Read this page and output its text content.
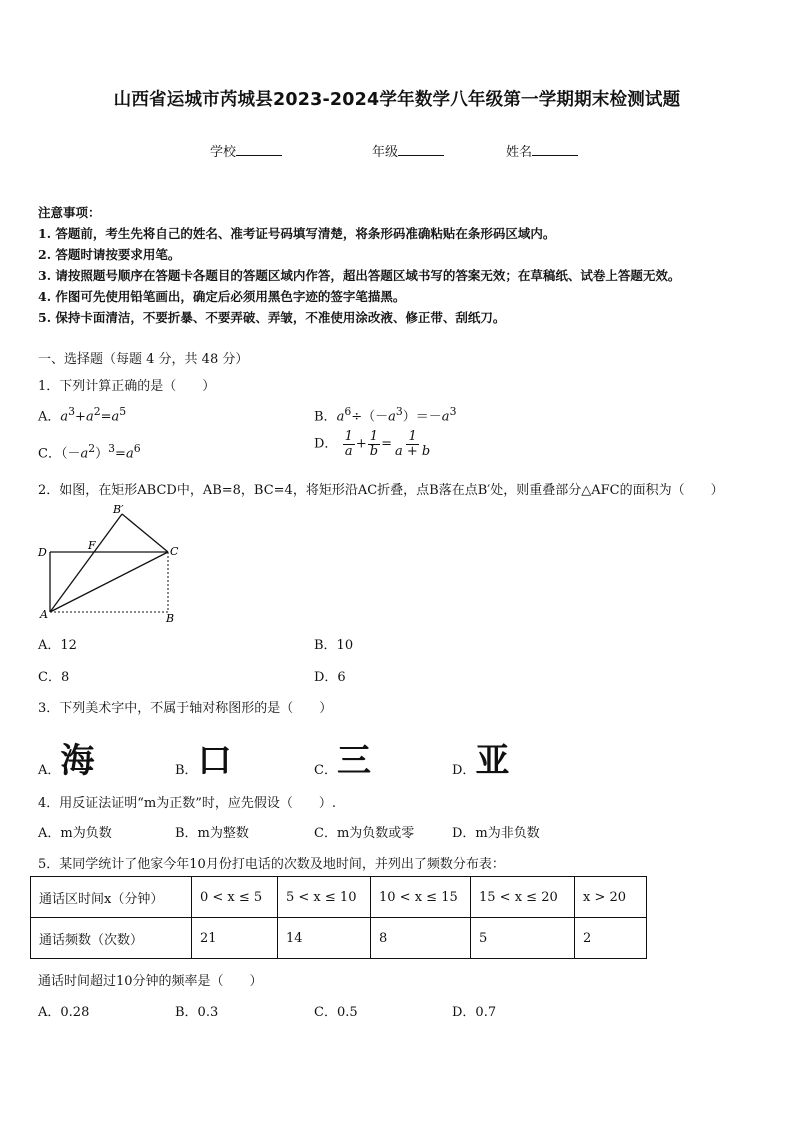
山西省运城市芮城县2023-2024学年数学八年级第一学期期末检测试题
学校	年级	姓名
注意事项：
1. 答题前，考生先将自己的姓名、准考证号码填写清楚，将条形码准确粘贴在条形码区域内。
2. 答题时请按要求用笔。
3. 请按照题号顺序在答题卡各题目的答题区域内作答，超出答题区域书写的答案无效；在草稿纸、试卷上答题无效。
4. 作图可先使用铅笔画出，确定后必须用黑色字迹的签字笔描黑。
5. 保持卡面清洁，不要折暴、不要弄破、弄皱，不准使用涂改液、修正带、刮纸刀。
一、选择题（每题 4 分，共 48 分）
1．下列计算正确的是（　　）
A．$a^3+a^2=a^5$	B．$a^6\div(-a^3)=-a^3$
C．$(-a^2)^3=a^6$	D． $\frac{1}{a} + \frac{1}{b} = \frac{1}{a + b}$
2．如图，在矩形ABCD中，AB=8，BC=4，将矩形沿AC折叠，点B落在点B′处，则重叠部分△AFC的面积为（　　）
D
F	C
B′
A	B
A．12	B．10
C．8	D．6
3．下列美术字中，不属于轴对称图形的是（　　）
A．海	B．口	C．三	D．亚
4．用反证法证明“m为正数”时，应先假设（　　）.
A．m为负数	B．m为整数	C．m为负数或零	D．m为非负数
5．某同学统计了他家今年10月份打电话的次数及地时间，并列出了频数分布表：
通话区时间x（分钟）	0 < x ≤ 5	5 < x ≤ 10	10 < x ≤ 15	15 < x ≤ 20	x > 20
通话频数（次数）	21	14	8	5	2
通话时间超过10分钟的频率是（　　）
A．0.28	B．0.3	C．0.5	D．0.7
